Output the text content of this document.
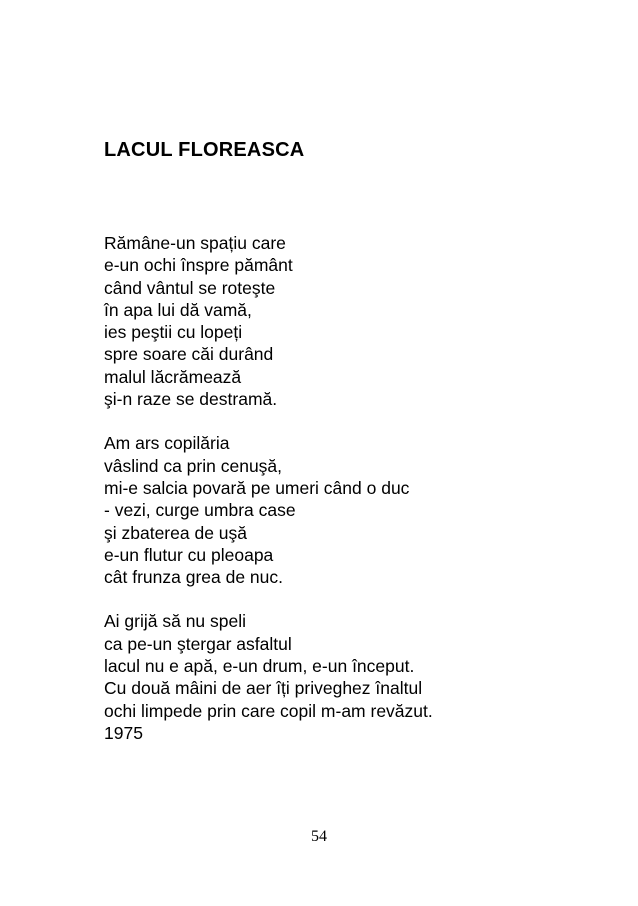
LACUL FLOREASCA
Rămâne-un spațiu care
e-un ochi înspre pământ
când vântul se roteşte
în apa lui dă vamă,
ies peştii cu lopeți
spre soare căi durând
malul lăcrămează
şi-n raze se destramă.
Am ars copilăria
vâslind ca prin cenuşă,
mi-e salcia povară pe umeri când o duc
- vezi, curge umbra case
şi zbaterea de uşă
e-un flutur cu pleoapa
cât frunza grea de nuc.
Ai grijă să nu speli
ca pe-un ştergar asfaltul
lacul nu e apă, e-un drum, e-un început.
Cu două mâini de aer îți priveghez înaltul
ochi limpede prin care copil m-am revăzut.
1975
54
